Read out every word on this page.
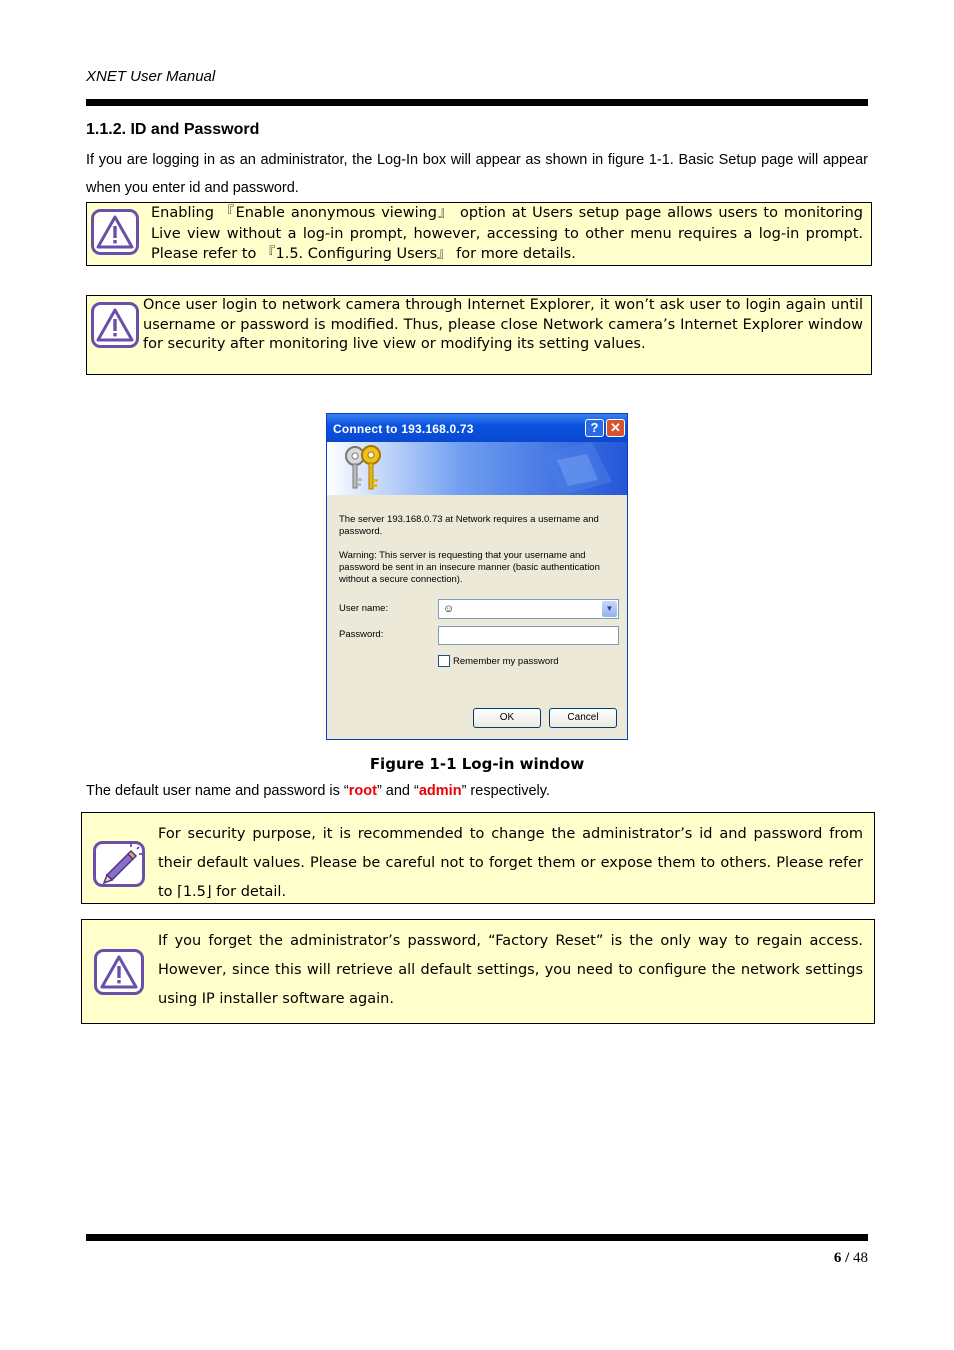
XNET User Manual
1.1.2. ID and Password
If you are logging in as an administrator, the Log-In box will appear as shown in figure 1-1. Basic Setup page will appear when you enter id and password.
Enabling 『Enable anonymous viewing』 option at Users setup page allows users to monitoring Live view without a log-in prompt, however, accessing to other menu requires a log-in prompt. Please refer to 『1.5. Configuring Users』 for more details.
Once user login to network camera through Internet Explorer, it won’t ask user to login again until username or password is modified. Thus, please close Network camera’s Internet Explorer window for security after monitoring live view or modifying its setting values.
Connect to 193.168.0.73	? ✕
The server 193.168.0.73 at Network requires a username and password.
Warning: This server is requesting that your username and password be sent in an insecure manner (basic authentication without a secure connection).
User name:	☺	▼
Password:
Remember my password
OK	Cancel
Figure 1-1 Log-in window
The default user name and password is “root” and “admin” respectively.
For security purpose, it is recommended to change the administrator’s id and password from their default values. Please be careful not to forget them or expose them to others. Please refer to ⌈1.5⌋ for detail.
If you forget the administrator’s password, “Factory Reset” is the only way to regain access. However, since this will retrieve all default settings, you need to configure the network settings using IP installer software again.
6 / 48
